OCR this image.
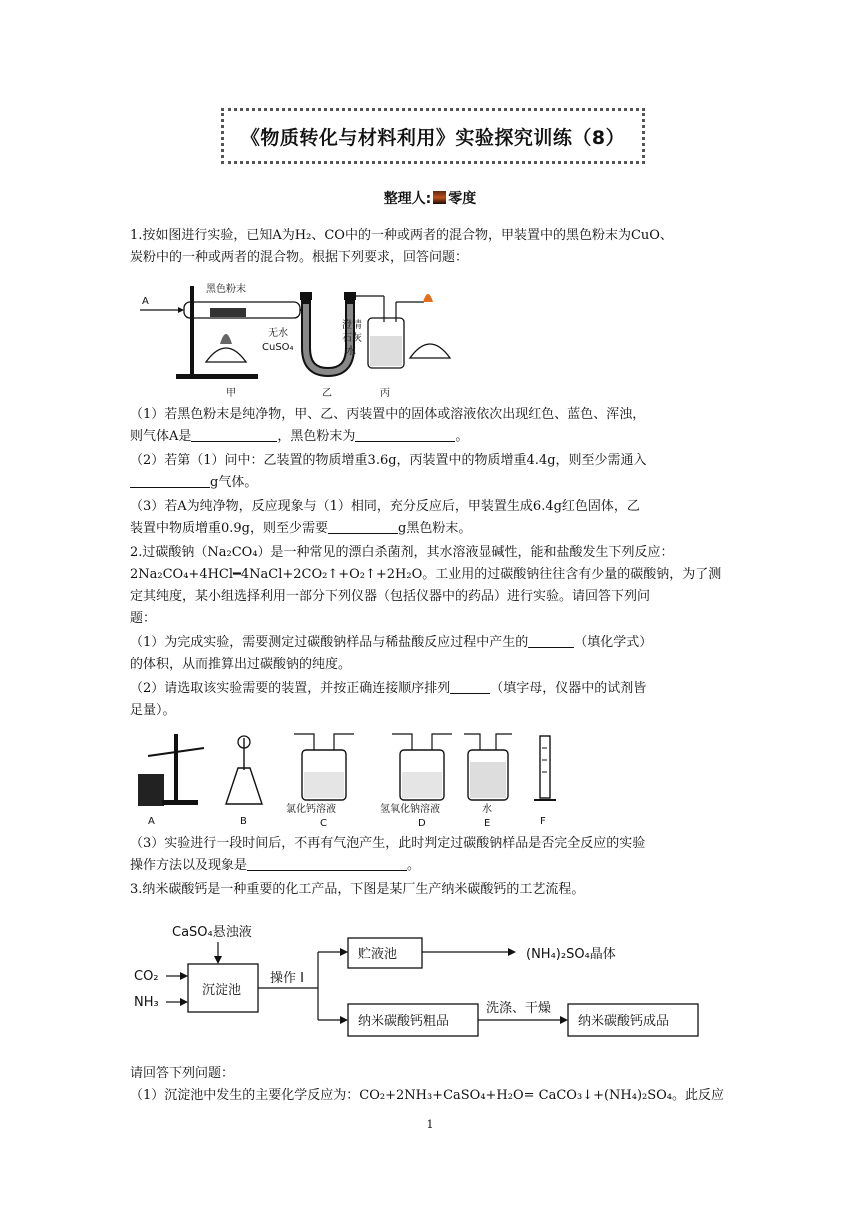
《物质转化与材料利用》实验探究训练（8）
整理人: 零度
1.按如图进行实验，已知A为H₂、CO中的一种或两者的混合物，甲装置中的黑色粉末为CuO、
炭粉中的一种或两者的混合物。根据下列要求，回答问题：
A
黑色粉末
无水
CuSO₄
澄清
石灰
水
甲	乙	丙
（1）若黑色粉末是纯净物，甲、乙、丙装置中的固体或溶液依次出现红色、蓝色、浑浊，
则气体A是	，黑色粉末为	。
（2）若第（1）问中：乙装置的物质增重3.6g，丙装置中的物质增重4.4g，则至少需通入
g气体。
（3）若A为纯净物，反应现象与（1）相同，充分反应后，甲装置生成6.4g红色固体，乙
装置中物质增重0.9g，则至少需要	g黑色粉末。
2.过碳酸钠（Na₂CO₄）是一种常见的漂白杀菌剂，其水溶液显碱性，能和盐酸发生下列反应：
2Na₂CO₄+4HCl━4NaCl+2CO₂↑+O₂↑+2H₂O。工业用的过碳酸钠往往含有少量的碳酸钠，为了测
定其纯度，某小组选择利用一部分下列仪器（包括仪器中的药品）进行实验。请回答下列问
题：
（1）为完成实验，需要测定过碳酸钠样品与稀盐酸反应过程中产生的	（填化学式）
的体积，从而推算出过碳酸钠的纯度。
（2）请选取该实验需要的装置，并按正确连接顺序排列	（填字母，仪器中的试剂皆
足量）。
A	B
氯化钙溶液
C
氢氧化钠溶液
D
水
E	F
（3）实验进行一段时间后，不再有气泡产生，此时判定过碳酸钠样品是否完全反应的实验
操作方法以及现象是	。
3.纳米碳酸钙是一种重要的化工产品，下图是某厂生产纳米碳酸钙的工艺流程。
CaSO₄悬浊液
CO₂
NH₃
沉淀池
操作 I
贮液池	(NH₄)₂SO₄晶体
纳米碳酸钙粗品
洗涤、干燥
纳米碳酸钙成品
请回答下列问题：
（1）沉淀池中发生的主要化学反应为：CO₂+2NH₃+CaSO₄+H₂O= CaCO₃↓+(NH₄)₂SO₄。此反应
1
